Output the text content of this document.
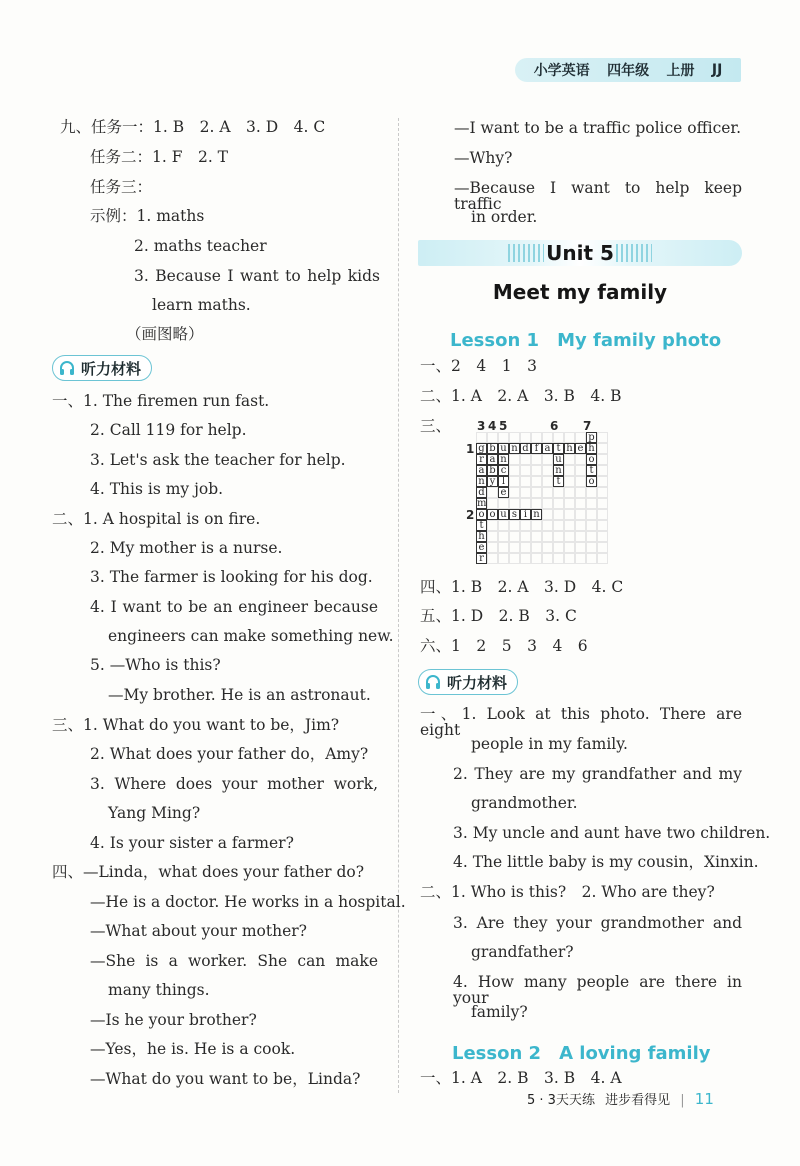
小学英语 四年级 上册 JJ
九、任务一：1. B　2. A　3. D　4. C
任务二：1. F　2. T
任务三：
示例：1. maths
2. maths teacher
3. Because I want to help kids
learn maths.
（画图略）
听力材料
一、1. The firemen run fast.
2. Call 119 for help.
3. Let's ask the teacher for help.
4. This is my job.
二、1. A hospital is on fire.
2. My mother is a nurse.
3. The farmer is looking for his dog.
4. I want to be an engineer because
engineers can make something new.
5. —Who is this?
—My brother. He is an astronaut.
三、1. What do you want to be，Jim?
2. What does your father do，Amy?
3. Where does your mother work,
Yang Ming?
4. Is your sister a farmer?
四、—Linda，what does your father do?
—He is a doctor. He works in a hospital.
—What about your mother?
—She is a worker. She can make
many things.
—Is he your brother?
—Yes，he is. He is a cook.
—What do you want to be，Linda?
—I want to be a traffic police officer.
—Why?
—Because I want to help keep traffic
in order.
Unit 5
Meet my family
Lesson 1　My family photo
一、2　4　1　3
二、1. A　2. A　3. B　4. B
三、
四、1. B　2. A　3. D　4. C
五、1. D　2. B　3. C
六、1　2　5　3　4　6
p
h
o
t
o
g
r
a
n
d
m
o
t
h
e
r
b
a
b
y
u
n
c
l
e
n d f a t h e
u
n
t
o u s i n
3 4 5	6 7
1
2
听力材料
一、1. Look at this photo. There are eight
people in my family.
2. They are my grandfather and my
grandmother.
3. My uncle and aunt have two children.
4. The little baby is my cousin，Xinxin.
二、1. Who is this?　2. Who are they?
3. Are they your grandmother and
grandfather?
4. How many people are there in your
family?
Lesson 2　A loving family
一、1. A　2. B　3. B　4. A
5 · 3天天练 进步看得见 | 11
